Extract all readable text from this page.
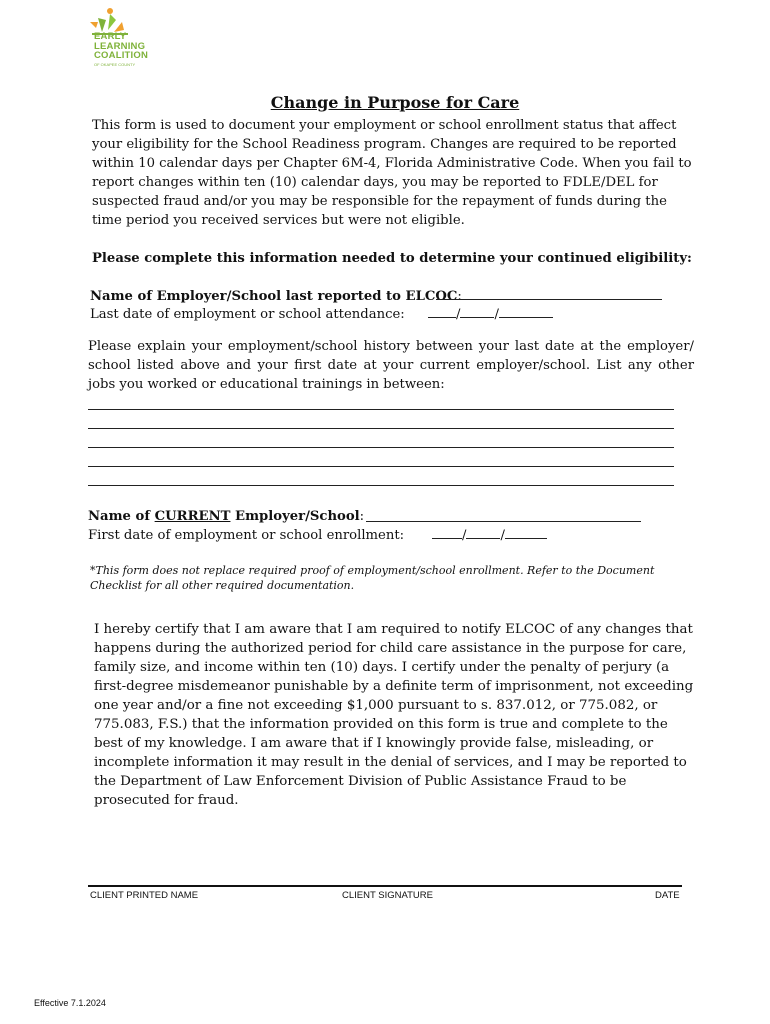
EARLY
LEARNING
COALITION
OF OKAPEE COUNTY
Change in Purpose for Care
This form is used to document your employment or school enrollment status that affect your eligibility for the School Readiness program. Changes are required to be reported within 10 calendar days per Chapter 6M-4, Florida Administrative Code. When you fail to report changes within ten (10) calendar days, you may be reported to FDLE/DEL for suspected fraud and/or you may be responsible for the repayment of funds during the time period you received services but were not eligible.
Please complete this information needed to determine your continued eligibility:
Name of Employer/School last reported to ELCOC:
Last date of employment or school attendance:	/	/
Please explain your employment/school history between your last date at the employer/ school listed above and your first date at your current employer/school. List any other jobs you worked or educational trainings in between:
Name of CURRENT Employer/School:
First date of employment or school enrollment:	/	/
*This form does not replace required proof of employment/school enrollment. Refer to the Document Checklist for all other required documentation.
I hereby certify that I am aware that I am required to notify ELCOC of any changes that happens during the authorized period for child care assistance in the purpose for care, family size, and income within ten (10) days. I certify under the penalty of perjury (a first-degree misdemeanor punishable by a definite term of imprisonment, not exceeding one year and/or a fine not exceeding $1,000 pursuant to s. 837.012, or 775.082, or 775.083, F.S.) that the information provided on this form is true and complete to the best of my knowledge. I am aware that if I knowingly provide false, misleading, or incomplete information it may result in the denial of services, and I may be reported to the Department of Law Enforcement Division of Public Assistance Fraud to be prosecuted for fraud.
CLIENT PRINTED NAME	CLIENT SIGNATURE	DATE
Effective 7.1.2024
